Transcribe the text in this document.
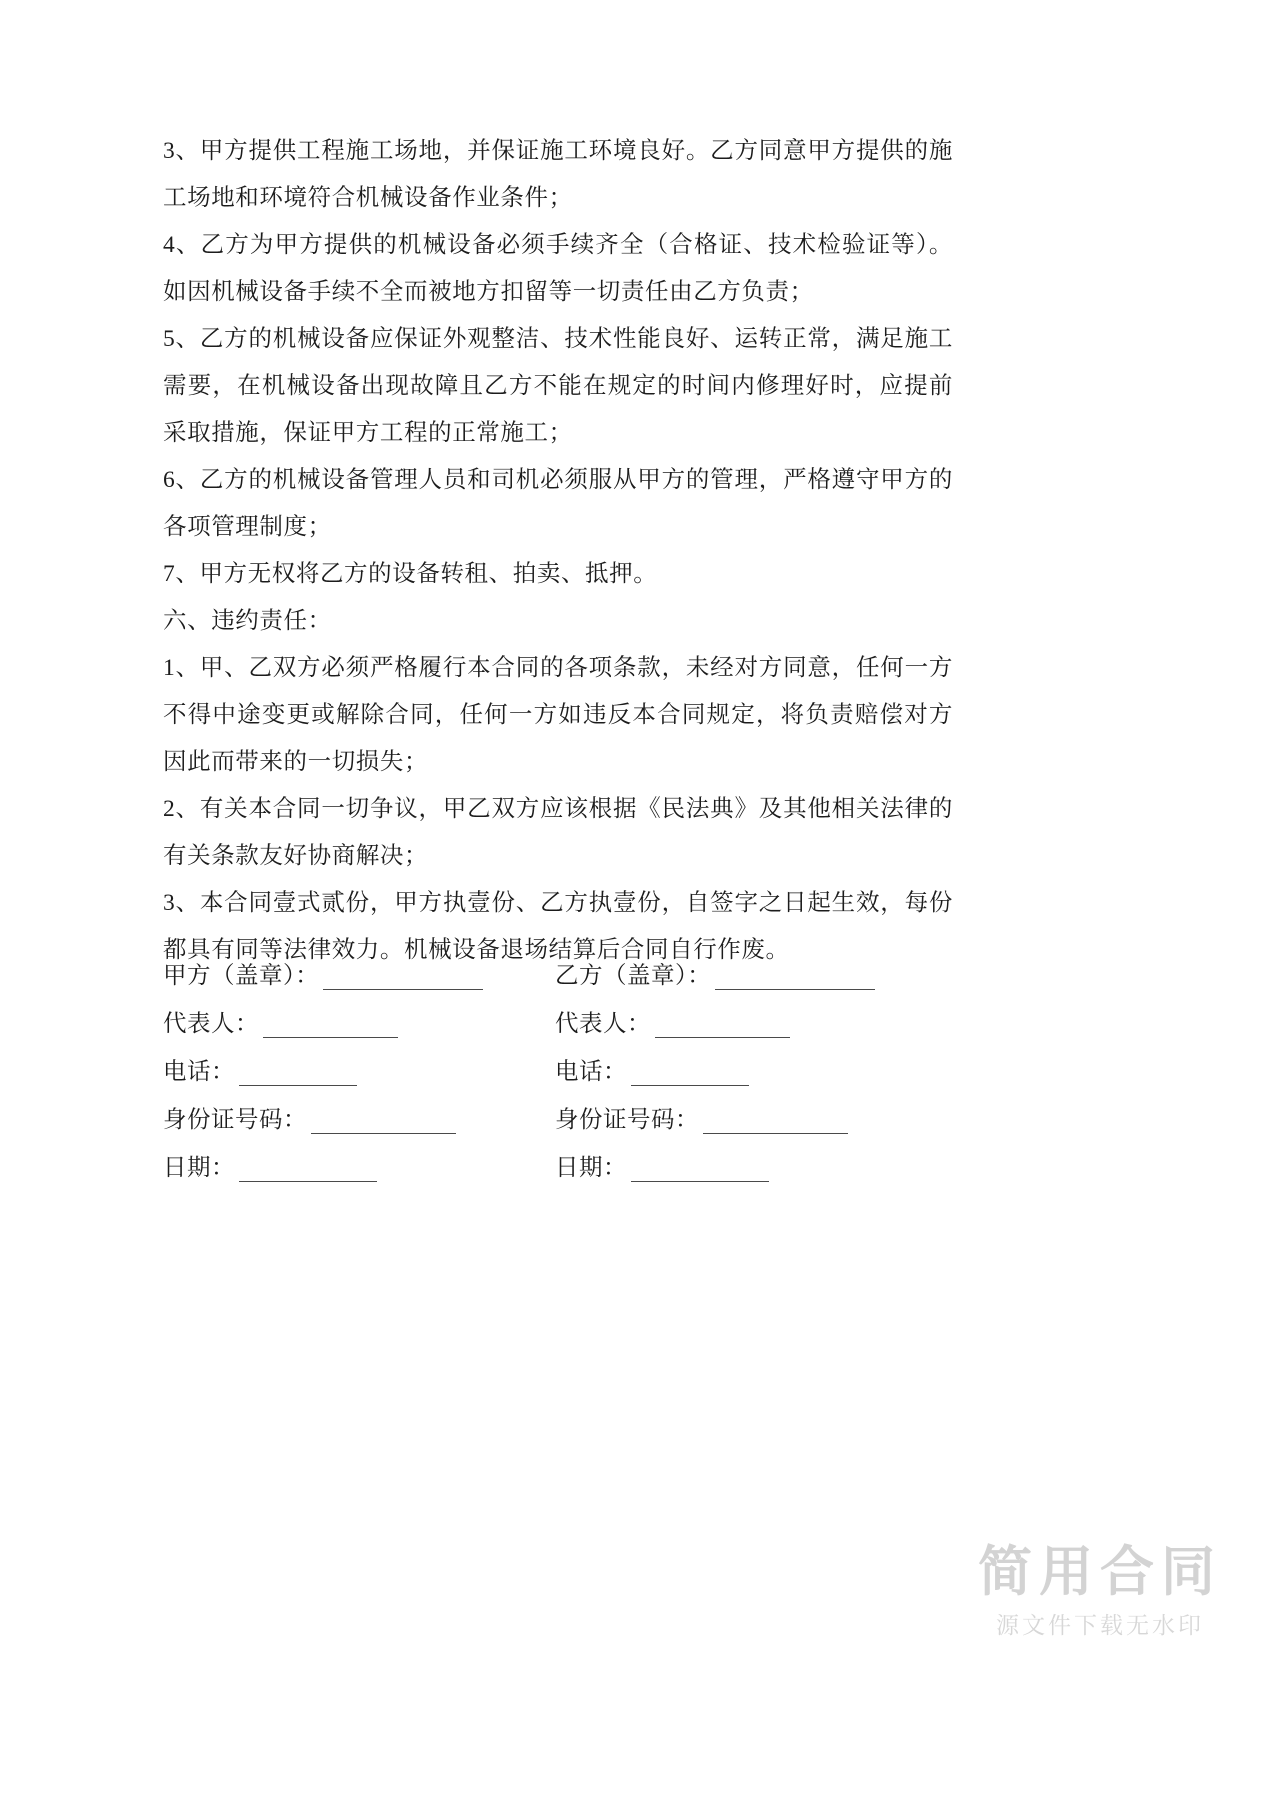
3、甲方提供工程施工场地，并保证施工环境良好。乙方同意甲方提供的施工场地和环境符合机械设备作业条件；

4、乙方为甲方提供的机械设备必须手续齐全（合格证、技术检验证等）。如因机械设备手续不全而被地方扣留等一切责任由乙方负责；

5、乙方的机械设备应保证外观整洁、技术性能良好、运转正常，满足施工需要，在机械设备出现故障且乙方不能在规定的时间内修理好时，应提前采取措施，保证甲方工程的正常施工；

6、乙方的机械设备管理人员和司机必须服从甲方的管理，严格遵守甲方的各项管理制度；

7、甲方无权将乙方的设备转租、拍卖、抵押。

六、违约责任：

1、甲、乙双方必须严格履行本合同的各项条款，未经对方同意，任何一方不得中途变更或解除合同，任何一方如违反本合同规定，将负责赔偿对方因此而带来的一切损失；

2、有关本合同一切争议，甲乙双方应该根据《民法典》及其他相关法律的有关条款友好协商解决；

3、本合同壹式贰份，甲方执壹份、乙方执壹份，自签字之日起生效，每份都具有同等法律效力。机械设备退场结算后合同自行作废。

甲方（盖章）：	乙方（盖章）：
代表人：	代表人：
电话：	电话：
身份证号码：	身份证号码：
日期：	日期：
简用合同
源文件下载无水印
